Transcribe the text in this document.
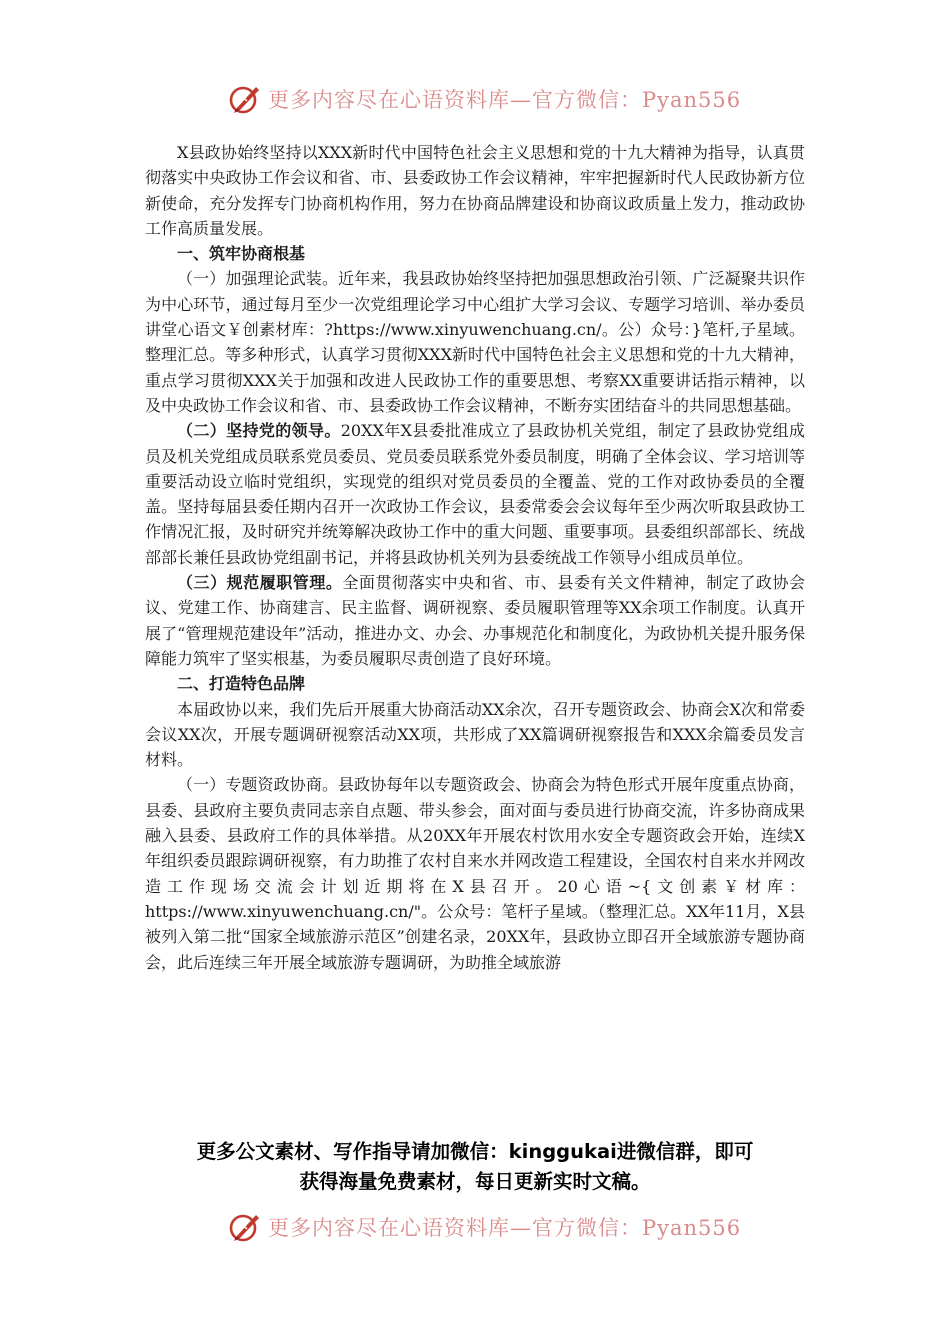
更多内容尽在心语资料库—官方微信：Pyan556

X县政协始终坚持以XXX新时代中国特色社会主义思想和党的十九大精神为指导，认真贯彻落实中央政协工作会议和省、市、县委政协工作会议精神，牢牢把握新时代人民政协新方位新使命，充分发挥专门协商机构作用，努力在协商品牌建设和协商议政质量上发力，推动政协工作高质量发展。

一、筑牢协商根基

（一）加强理论武装。近年来，我县政协始终坚持把加强思想政治引领、广泛凝聚共识作为中心环节，通过每月至少一次党组理论学习中心组扩大学习会议、专题学习培训、举办委员讲堂心语文￥创素材库：?https://www.xinyuwenchuang.cn/。公）众号：}笔杆,子星域。整理汇总。等多种形式，认真学习贯彻XXX新时代中国特色社会主义思想和党的十九大精神，重点学习贯彻XXX关于加强和改进人民政协工作的重要思想、考察XX重要讲话指示精神，以及中央政协工作会议和省、市、县委政协工作会议精神，不断夯实团结奋斗的共同思想基础。

（二）坚持党的领导。20XX年X县委批准成立了县政协机关党组，制定了县政协党组成员及机关党组成员联系党员委员、党员委员联系党外委员制度，明确了全体会议、学习培训等重要活动设立临时党组织，实现党的组织对党员委员的全覆盖、党的工作对政协委员的全覆盖。坚持每届县委任期内召开一次政协工作会议，县委常委会会议每年至少两次听取县政协工作情况汇报，及时研究并统筹解决政协工作中的重大问题、重要事项。县委组织部部长、统战部部长兼任县政协党组副书记，并将县政协机关列为县委统战工作领导小组成员单位。

（三）规范履职管理。全面贯彻落实中央和省、市、县委有关文件精神，制定了政协会议、党建工作、协商建言、民主监督、调研视察、委员履职管理等XX余项工作制度。认真开展了“管理规范建设年”活动，推进办文、办会、办事规范化和制度化，为政协机关提升服务保障能力筑牢了坚实根基，为委员履职尽责创造了良好环境。

二、打造特色品牌

本届政协以来，我们先后开展重大协商活动XX余次，召开专题资政会、协商会X次和常委会议XX次，开展专题调研视察活动XX项，共形成了XX篇调研视察报告和XXX余篇委员发言材料。

（一）专题资政协商。县政协每年以专题资政会、协商会为特色形式开展年度重点协商，县委、县政府主要负责同志亲自点题、带头参会，面对面与委员进行协商交流，许多协商成果融入县委、县政府工作的具体举措。从20XX年开展农村饮用水安全专题资政会开始，连续X年组织委员跟踪调研视察，有力助推了农村自来水并网改造工程建设，全国农村自来水并网改造工作现场交流会计划近期将在X县召开。20心语~{文创素￥材库：https://www.xinyuwenchuang.cn/"。公众号：笔杆子星域。（整理汇总。XX年11月，X县被列入第二批“国家全域旅游示范区”创建名录，20XX年，县政协立即召开全域旅游专题协商会，此后连续三年开展全域旅游专题调研，为助推全域旅游

更多公文素材、写作指导请加微信：kinggukai进微信群，即可
获得海量免费素材，每日更新实时文稿。
更多内容尽在心语资料库—官方微信：Pyan556
